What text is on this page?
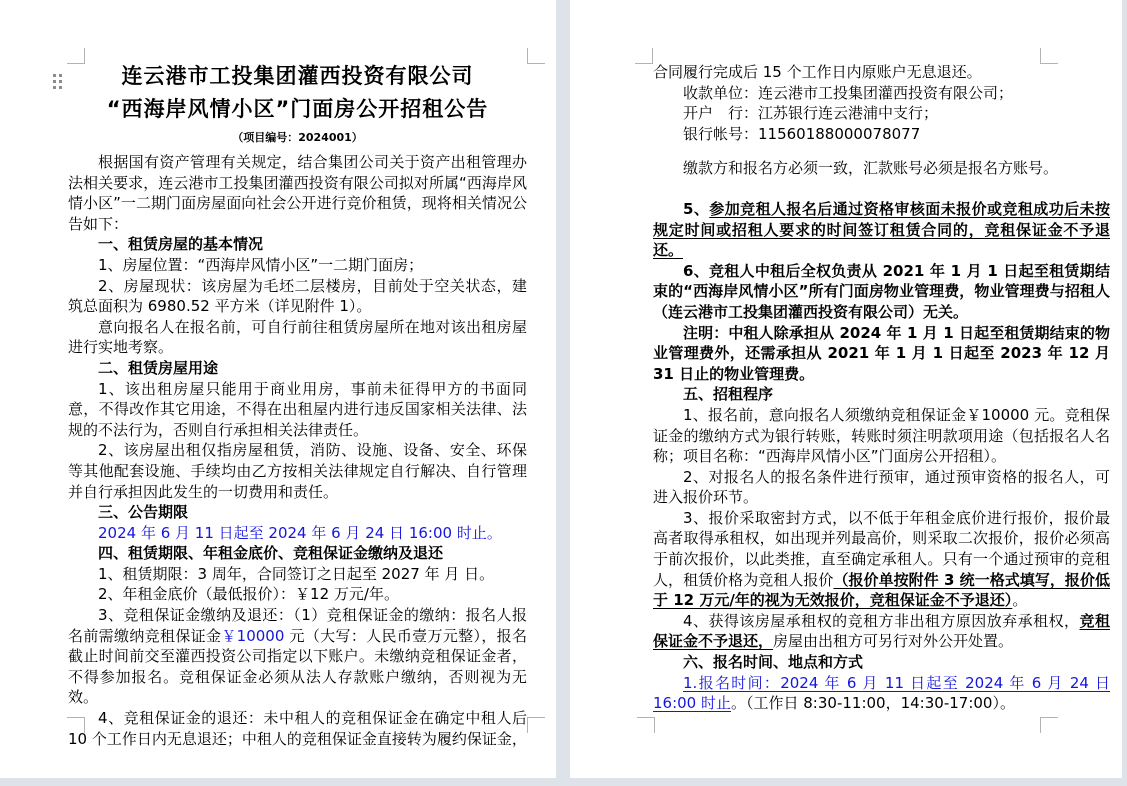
连云港市工投集团灌西投资有限公司
“西海岸风情小区”门面房公开招租公告
（项目编号：2024001）

根据国有资产管理有关规定，结合集团公司关于资产出租管理办法相关要求，连云港市工投集团灌西投资有限公司拟对所属“西海岸风情小区”一二期门面房屋面向社会公开进行竞价租赁，现将相关情况公告如下：

一、租赁房屋的基本情况

1、房屋位置：“西海岸风情小区”一二期门面房；

2、房屋现状：该房屋为毛坯二层楼房，目前处于空关状态，建筑总面积为 6980.52 平方米（详见附件 1）。

意向报名人在报名前，可自行前往租赁房屋所在地对该出租房屋进行实地考察。

二、租赁房屋用途

1、该出租房屋只能用于商业用房，事前未征得甲方的书面同意，不得改作其它用途，不得在出租屋内进行违反国家相关法律、法规的不法行为，否则自行承担相关法律责任。

2、该房屋出租仅指房屋租赁，消防、设施、设备、安全、环保等其他配套设施、手续均由乙方按相关法律规定自行解决、自行管理并自行承担因此发生的一切费用和责任。

三、公告期限

2024 年 6 月 11 日起至 2024 年 6 月 24 日 16:00 时止。

四、租赁期限、年租金底价、竞租保证金缴纳及退还

1、租赁期限：3 周年，合同签订之日起至 2027 年 月 日。

2、年租金底价（最低报价）：￥12 万元/年。

3、竞租保证金缴纳及退还：（1）竞租保证金的缴纳：报名人报名前需缴纳竞租保证金￥10000 元（大写：人民币壹万元整），报名截止时间前交至灌西投资公司指定以下账户。未缴纳竞租保证金者，不得参加报名。竞租保证金必须从法人存款账户缴纳，否则视为无效。

4、竞租保证金的退还：未中租人的竞租保证金在确定中租人后 10 个工作日内无息退还；中租人的竞租保证金直接转为履约保证金，

合同履行完成后 15 个工作日内原账户无息退还。

收款单位：连云港市工投集团灌西投资有限公司；

开户　行：江苏银行连云港浦中支行；

银行帐号：11560188000078077

缴款方和报名方必须一致，汇款账号必须是报名方账号。

5、参加竞租人报名后通过资格审核面未报价或竞租成功后未按规定时间或招租人要求的时间签订租赁合同的，竞租保证金不予退还。

6、竞租人中租后全权负责从 2021 年 1 月 1 日起至租赁期结束的“西海岸风情小区”所有门面房物业管理费，物业管理费与招租人（连云港市工投集团灌西投资有限公司）无关。

注明：中租人除承担从 2024 年 1 月 1 日起至租赁期结束的物业管理费外，还需承担从 2021 年 1 月 1 日起至 2023 年 12 月 31 日止的物业管理费。

五、招租程序

1、报名前，意向报名人须缴纳竞租保证金￥10000 元。竞租保证金的缴纳方式为银行转账，转账时须注明款项用途（包括报名人名称；项目名称：“西海岸风情小区”门面房公开招租）。

2、对报名人的报名条件进行预审，通过预审资格的报名人，可进入报价环节。

3、报价采取密封方式，以不低于年租金底价进行报价，报价最高者取得承租权，如出现并列最高价，则采取二次报价，报价必须高于前次报价，以此类推，直至确定承租人。只有一个通过预审的竞租人，租赁价格为竞租人报价（报价单按附件 3 统一格式填写，报价低于 12 万元/年的视为无效报价，竞租保证金不予退还）。

4、获得该房屋承租权的竞租方非出租方原因放弃承租权，竞租保证金不予退还，房屋由出租方可另行对外公开处置。

六、报名时间、地点和方式

1.报名时间：2024 年 6 月 11 日起至 2024 年 6 月 24 日 16:00 时止。（工作日 8:30-11:00，14:30-17:00）。
